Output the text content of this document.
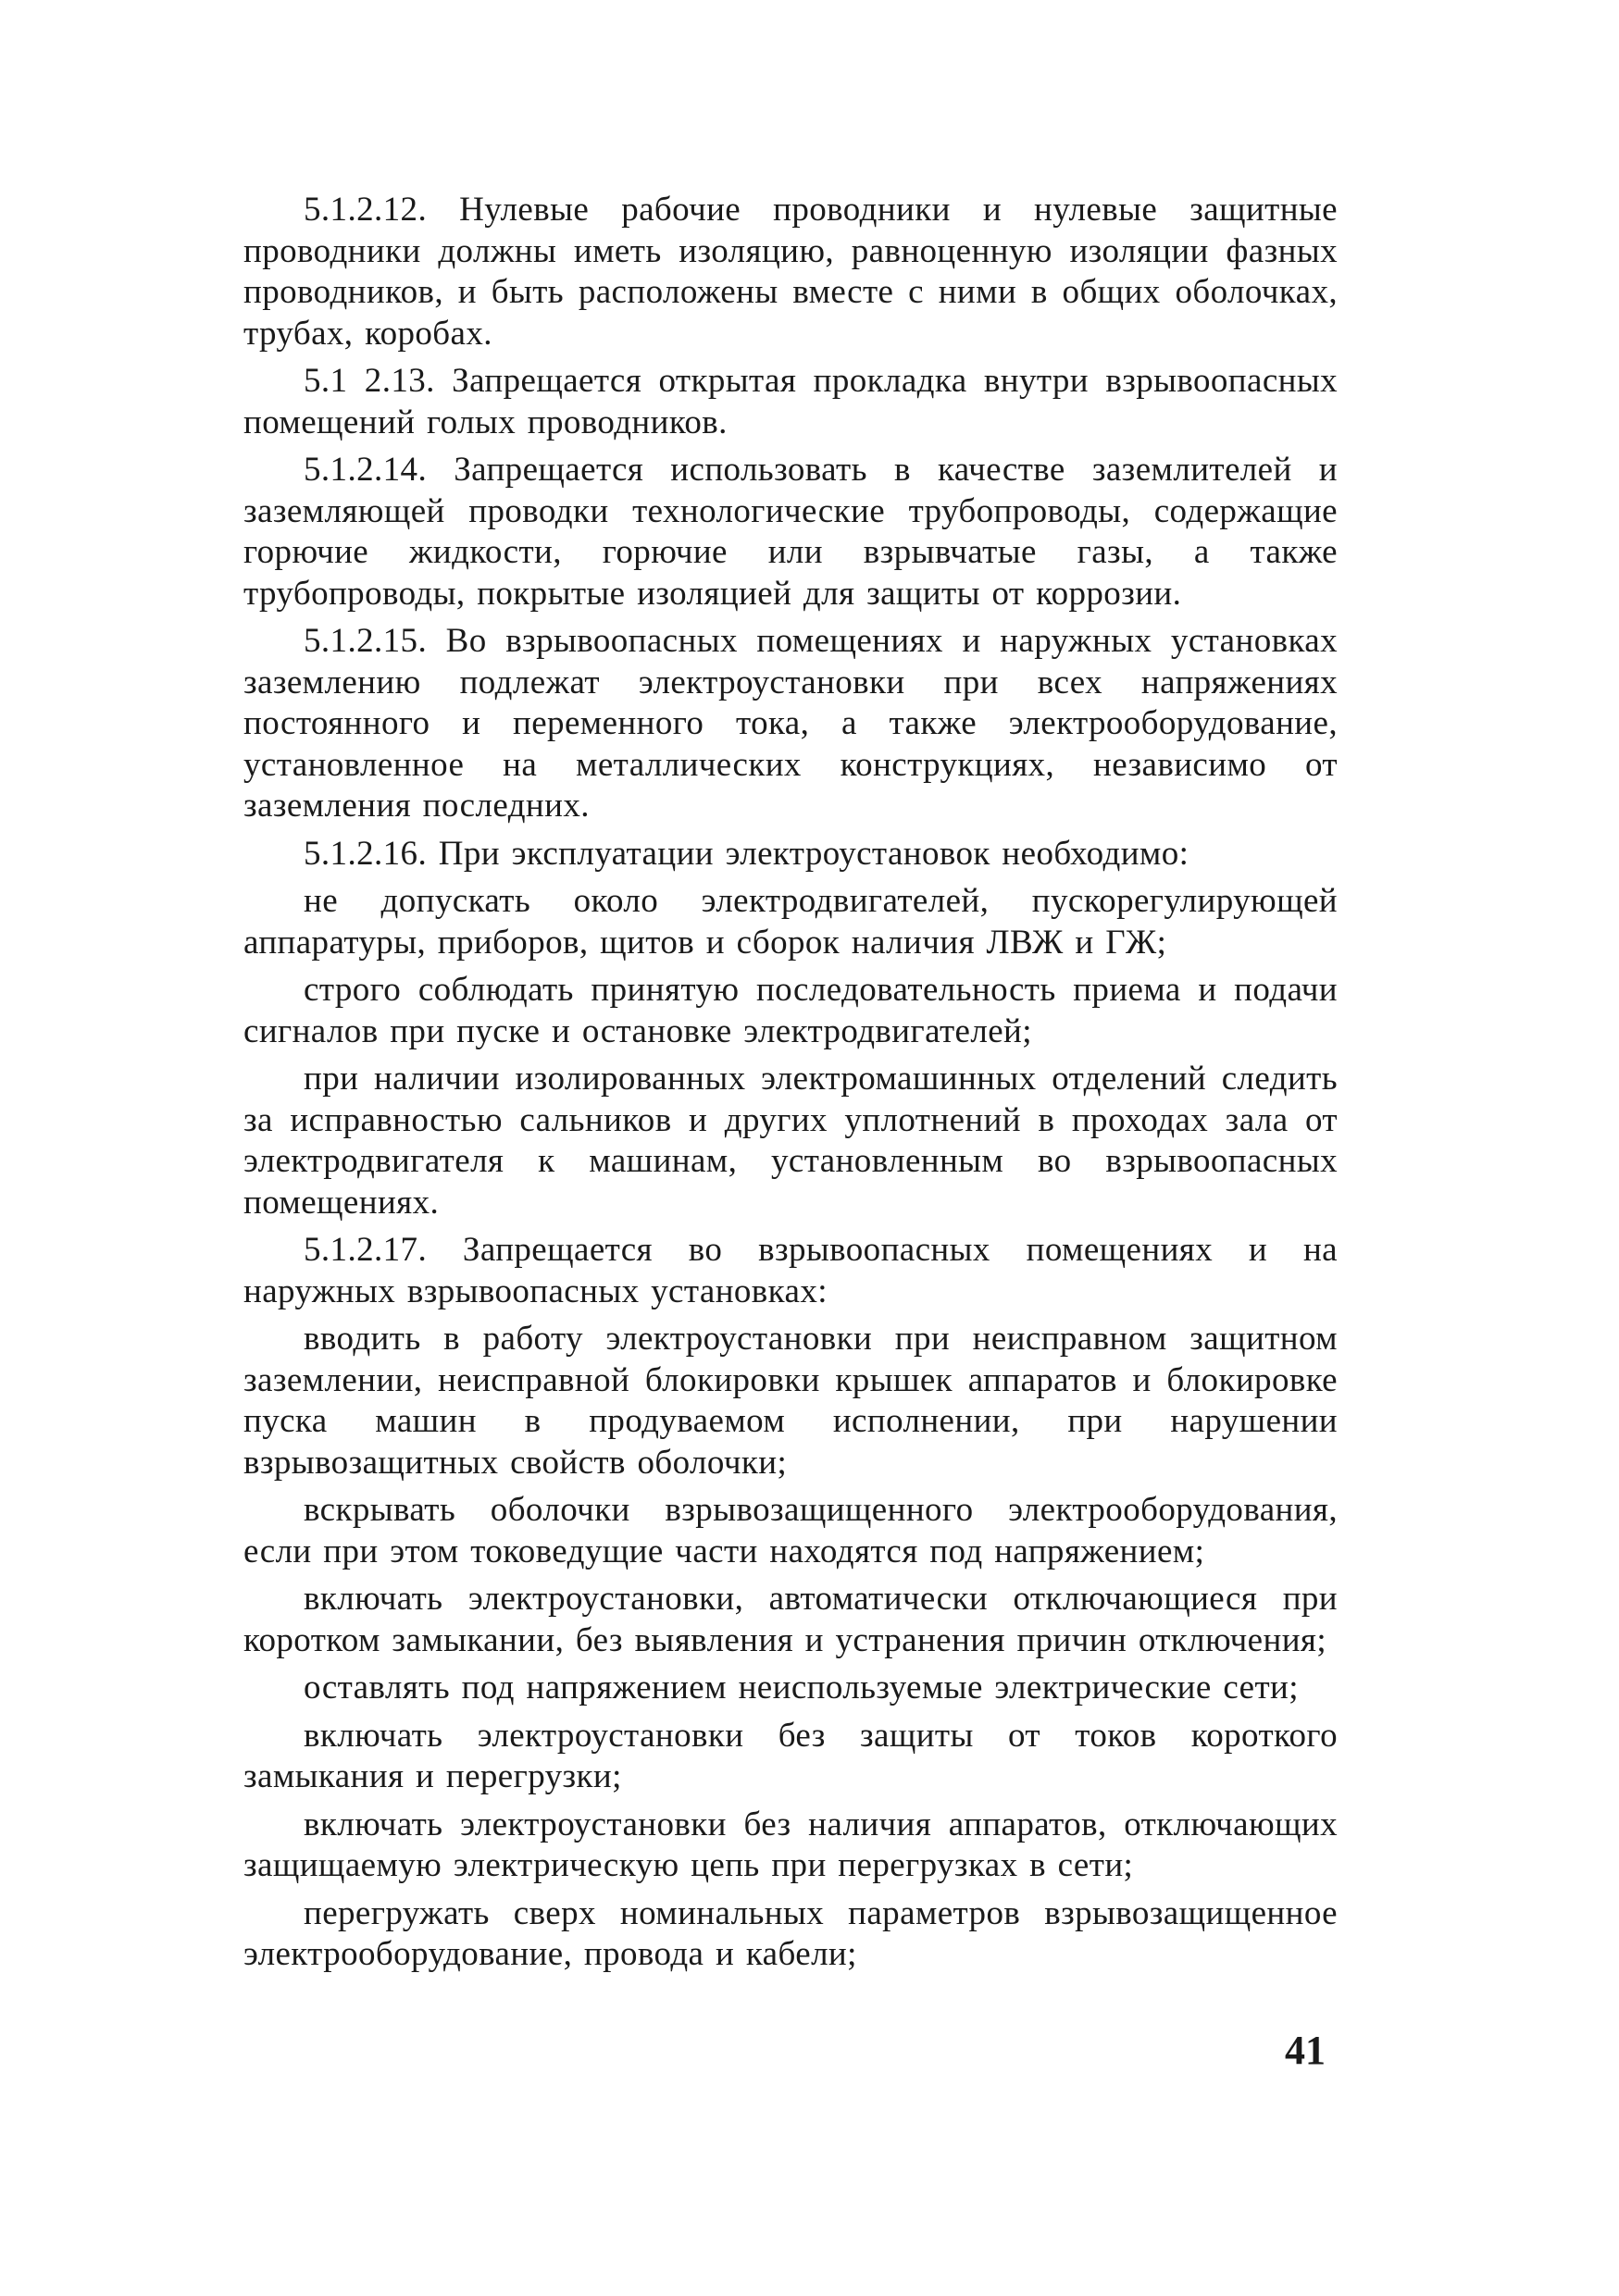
5.1.2.12. Нулевые рабочие проводники и нулевые защитные проводники должны иметь изоляцию, равноценную изоляции фазных проводников, и быть расположены вместе с ними в общих оболочках, трубах, коробах.

5.1 2.13. Запрещается открытая прокладка внутри взрывоопасных помещений голых проводников.

5.1.2.14. Запрещается использовать в качестве заземлителей и заземляющей проводки технологические трубопроводы, содержащие горючие жидкости, горючие или взрывчатые газы, а также трубопроводы, покрытые изоляцией для защиты от коррозии.

5.1.2.15. Во взрывоопасных помещениях и наружных установках заземлению подлежат электроустановки при всех напряжениях постоянного и переменного тока, а также электрооборудование, установленное на металлических конструкциях, независимо от заземления последних.

5.1.2.16. При эксплуатации электроустановок необходимо:

не допускать около электродвигателей, пускорегулирующей аппаратуры, приборов, щитов и сборок наличия ЛВЖ и ГЖ;

строго соблюдать принятую последовательность приема и подачи сигналов при пуске и остановке электродвигателей;

при наличии изолированных электромашинных отделений следить за исправностью сальников и других уплотнений в проходах зала от электродвигателя к машинам, установленным во взрывоопасных помещениях.

5.1.2.17. Запрещается во взрывоопасных помещениях и на наружных взрывоопасных установках:

вводить в работу электроустановки при неисправном защитном заземлении, неисправной блокировки крышек аппаратов и блокировке пуска машин в продуваемом исполнении, при нарушении взрывозащитных свойств оболочки;

вскрывать оболочки взрывозащищенного электрооборудования, если при этом токоведущие части находятся под напряжением;

включать электроустановки, автоматически отключающиеся при коротком замыкании, без выявления и устранения причин отключения;

оставлять под напряжением неиспользуемые электрические сети;

включать электроустановки без защиты от токов короткого замыкания и перегрузки;

включать электроустановки без наличия аппаратов, отключающих защищаемую электрическую цепь при перегрузках в сети;

перегружать сверх номинальных параметров взрывозащищенное электрооборудование, провода и кабели;

41
